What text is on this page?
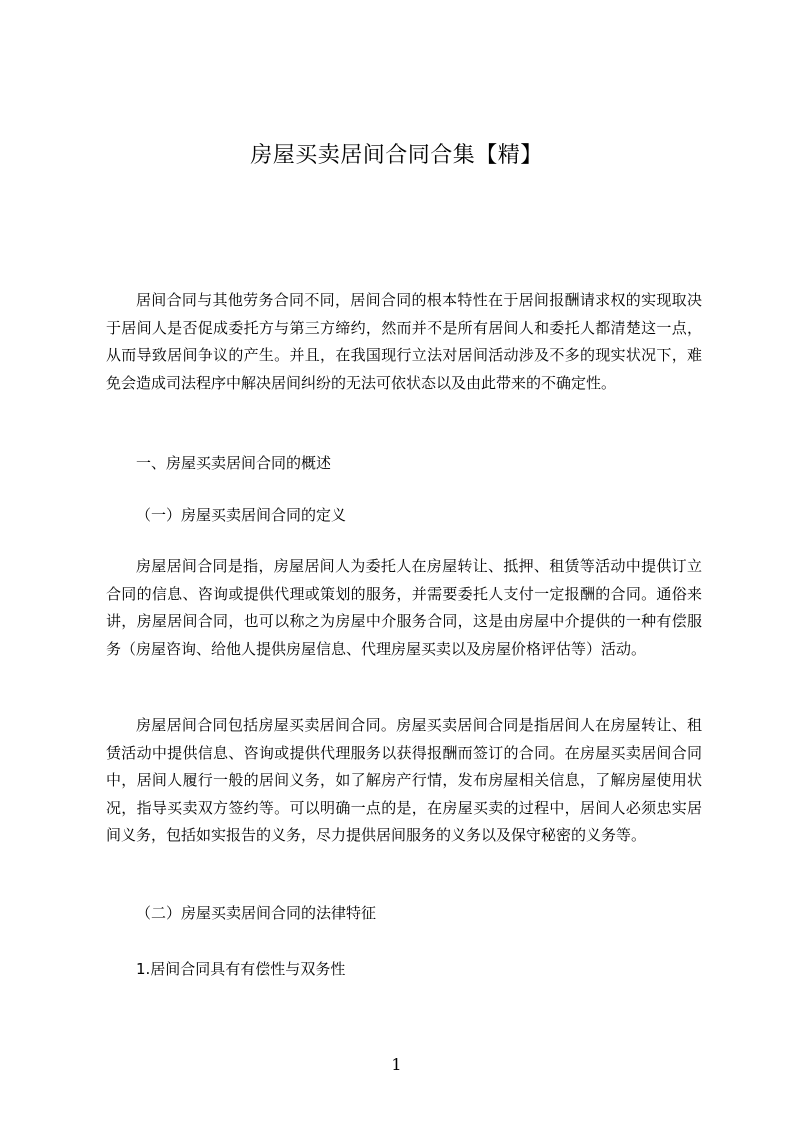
房屋买卖居间合同合集【精】

居间合同与其他劳务合同不同，居间合同的根本特性在于居间报酬请求权的实现取决于居间人是否促成委托方与第三方缔约，然而并不是所有居间人和委托人都清楚这一点，从而导致居间争议的产生。并且，在我国现行立法对居间活动涉及不多的现实状况下，难免会造成司法程序中解决居间纠纷的无法可依状态以及由此带来的不确定性。

一、房屋买卖居间合同的概述

（一）房屋买卖居间合同的定义

房屋居间合同是指，房屋居间人为委托人在房屋转让、抵押、租赁等活动中提供订立合同的信息、咨询或提供代理或策划的服务，并需要委托人支付一定报酬的合同。通俗来讲，房屋居间合同，也可以称之为房屋中介服务合同，这是由房屋中介提供的一种有偿服务（房屋咨询、给他人提供房屋信息、代理房屋买卖以及房屋价格评估等）活动。

房屋居间合同包括房屋买卖居间合同。房屋买卖居间合同是指居间人在房屋转让、租赁活动中提供信息、咨询或提供代理服务以获得报酬而签订的合同。在房屋买卖居间合同中，居间人履行一般的居间义务，如了解房产行情，发布房屋相关信息，了解房屋使用状况，指导买卖双方签约等。可以明确一点的是，在房屋买卖的过程中，居间人必须忠实居间义务，包括如实报告的义务，尽力提供居间服务的义务以及保守秘密的义务等。

（二）房屋买卖居间合同的法律特征

1.居间合同具有有偿性与双务性

1
